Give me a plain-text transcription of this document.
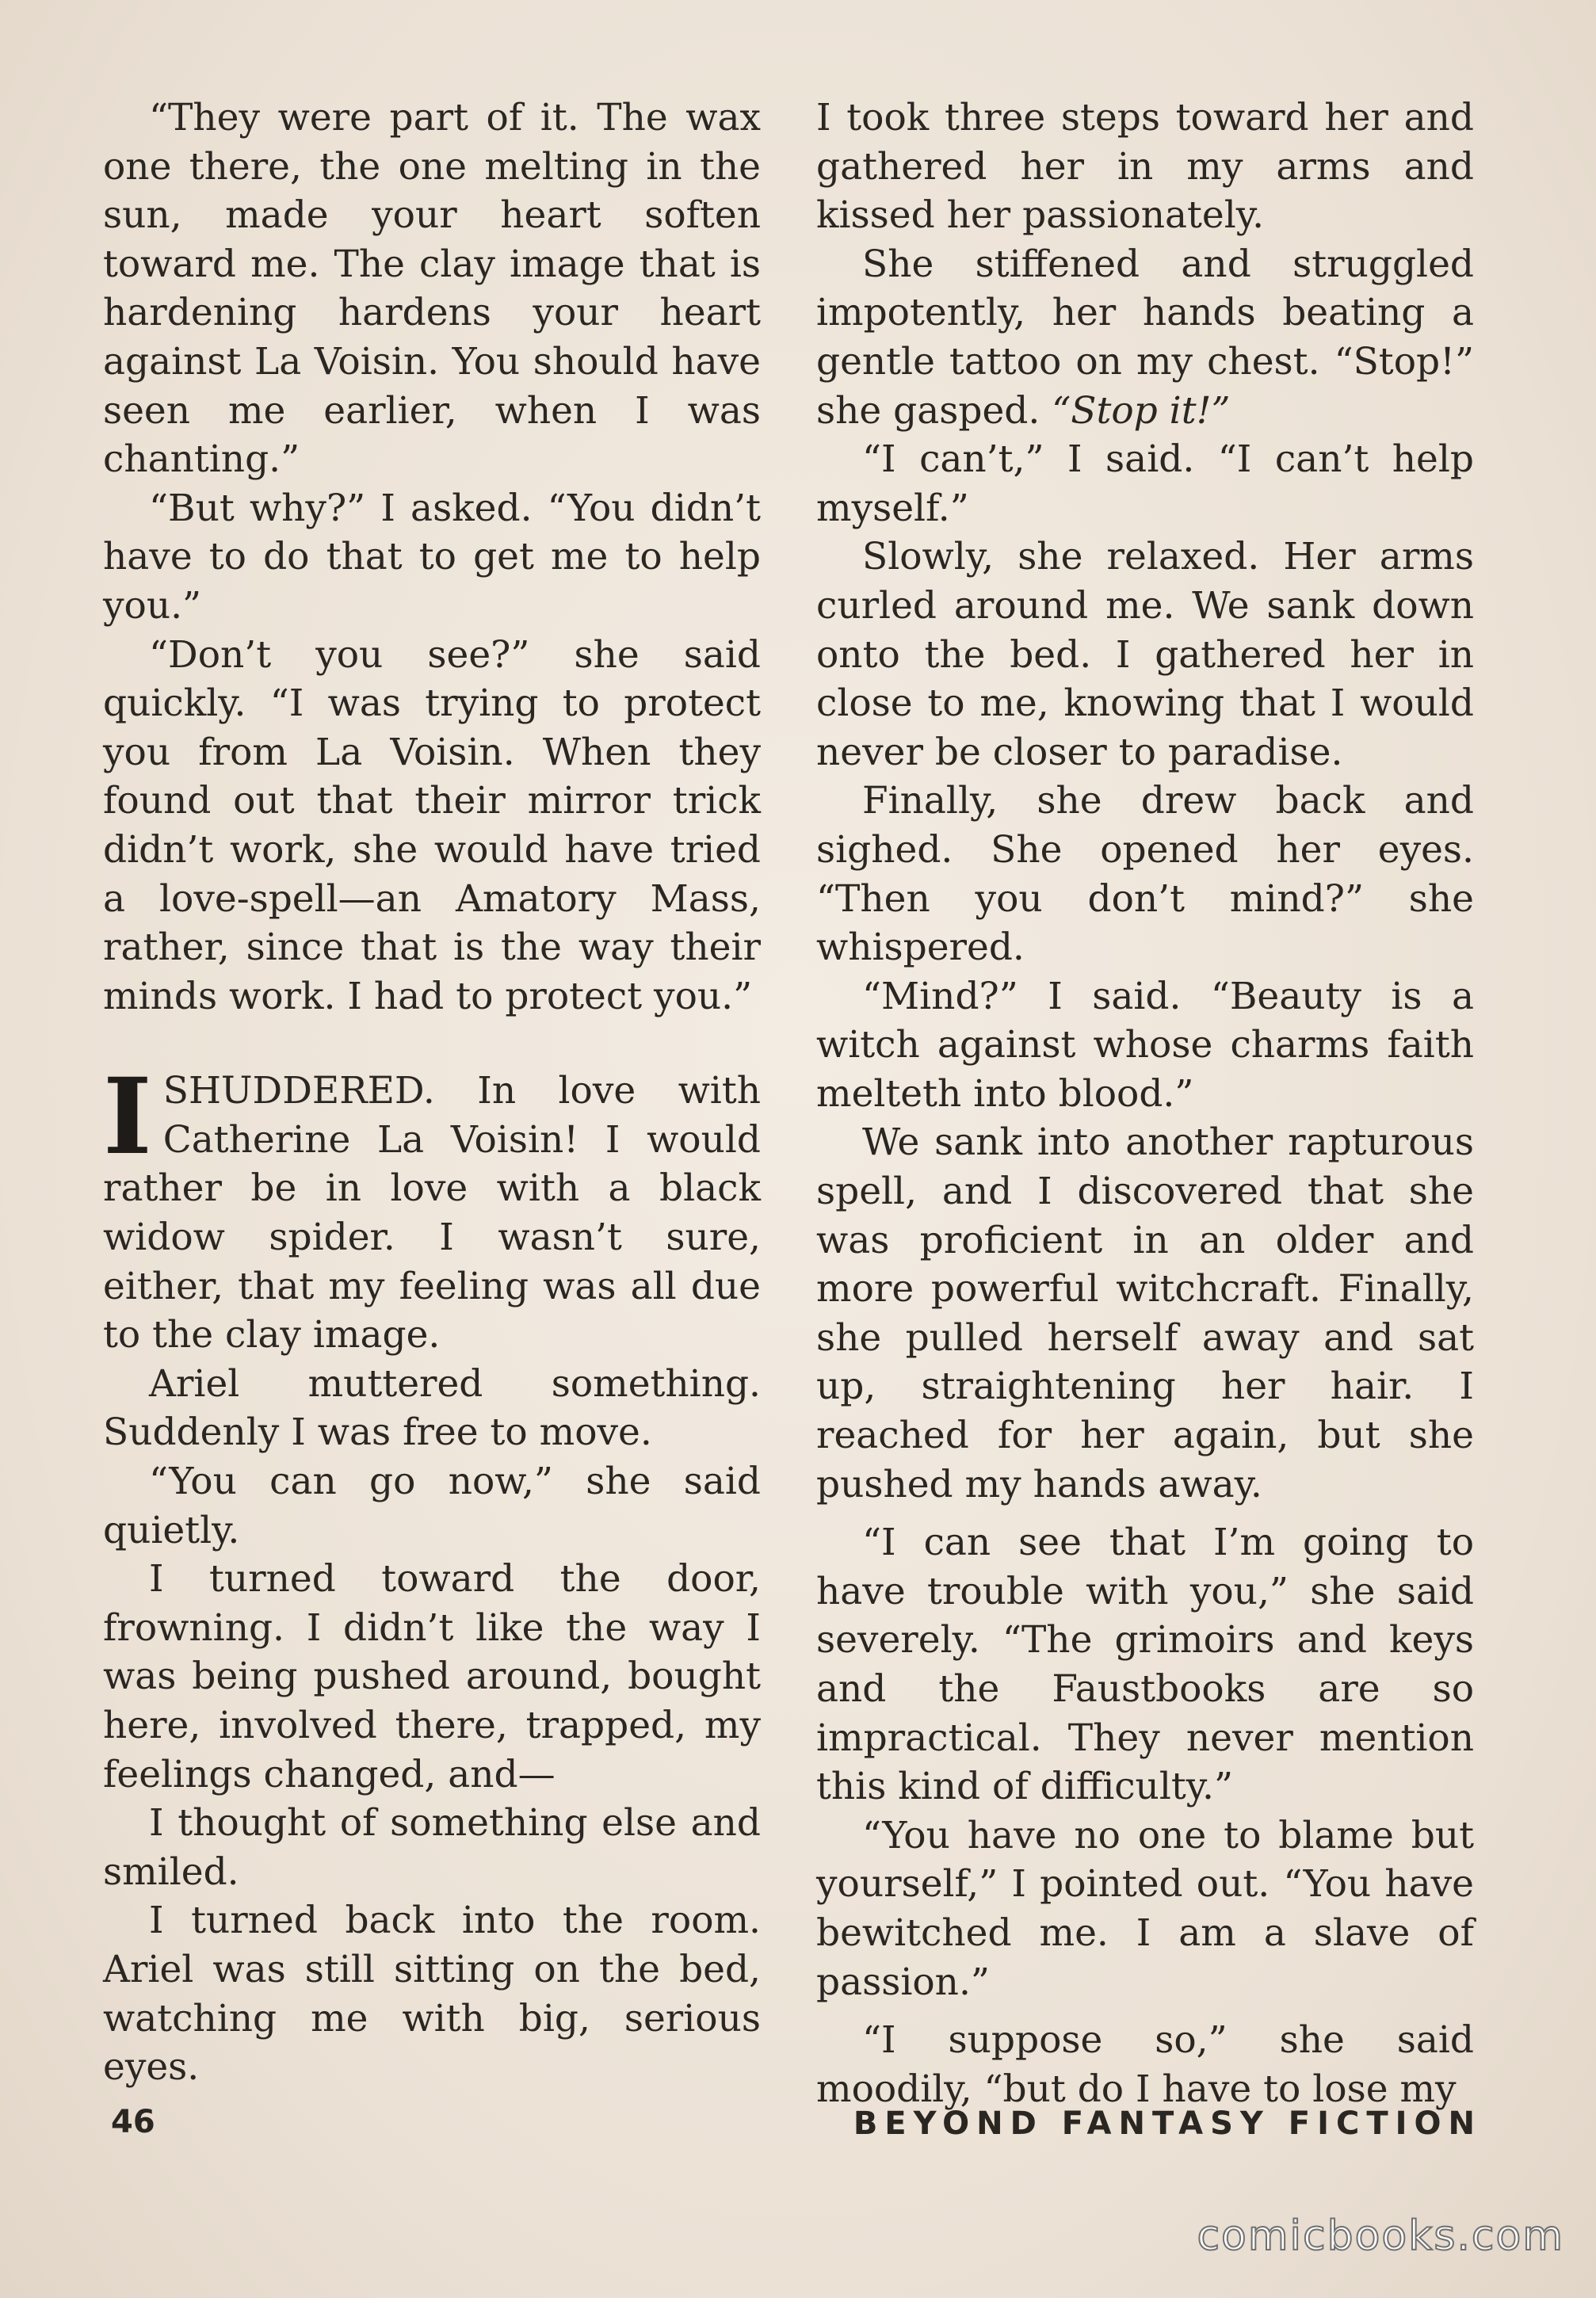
“They were part of it. The wax one there, the one melting in the sun, made your heart soften toward me. The clay image that is hardening hardens your heart against La Voisin. You should have seen me earlier, when I was chanting.”

“But why?” I asked. “You didn’t have to do that to get me to help you.”

“Don’t you see?” she said quickly. “I was trying to protect you from La Voisin. When they found out that their mirror trick didn’t work, she would have tried a love-spell—an Amatory Mass, rather, since that is the way their minds work. I had to protect you.”

ISHUDDERED. In love with Catherine La Voisin! I would rather be in love with a black widow spider. I wasn’t sure, either, that my feeling was all due to the clay image.

Ariel muttered something. Suddenly I was free to move.

“You can go now,” she said quietly.

I turned toward the door, frowning. I didn’t like the way I was being pushed around, bought here, involved there, trapped, my feelings changed, and—

I thought of something else and smiled.

I turned back into the room. Ariel was still sitting on the bed, watching me with big, serious eyes.

I took three steps toward her and gathered her in my arms and kissed her passionately.

She stiffened and struggled impotently, her hands beating a gentle tattoo on my chest. “Stop!” she gasped. “Stop it!”

“I can’t,” I said. “I can’t help myself.”

Slowly, she relaxed. Her arms curled around me. We sank down onto the bed. I gathered her in close to me, knowing that I would never be closer to paradise.

Finally, she drew back and sighed. She opened her eyes. “Then you don’t mind?” she whispered.

“Mind?” I said. “Beauty is a witch against whose charms faith melteth into blood.”

We sank into another rapturous spell, and I discovered that she was proficient in an older and more powerful witchcraft. Finally, she pulled herself away and sat up, straightening her hair. I reached for her again, but she pushed my hands away.

“I can see that I’m going to have trouble with you,” she said severely. “The grimoirs and keys and the Faustbooks are so impractical. They never mention this kind of difficulty.”

“You have no one to blame but yourself,” I pointed out. “You have bewitched me. I am a slave of passion.”

“I suppose so,” she said moodily, “but do I have to lose my

46	BEYOND FANTASY FICTION
comicbooks.com
